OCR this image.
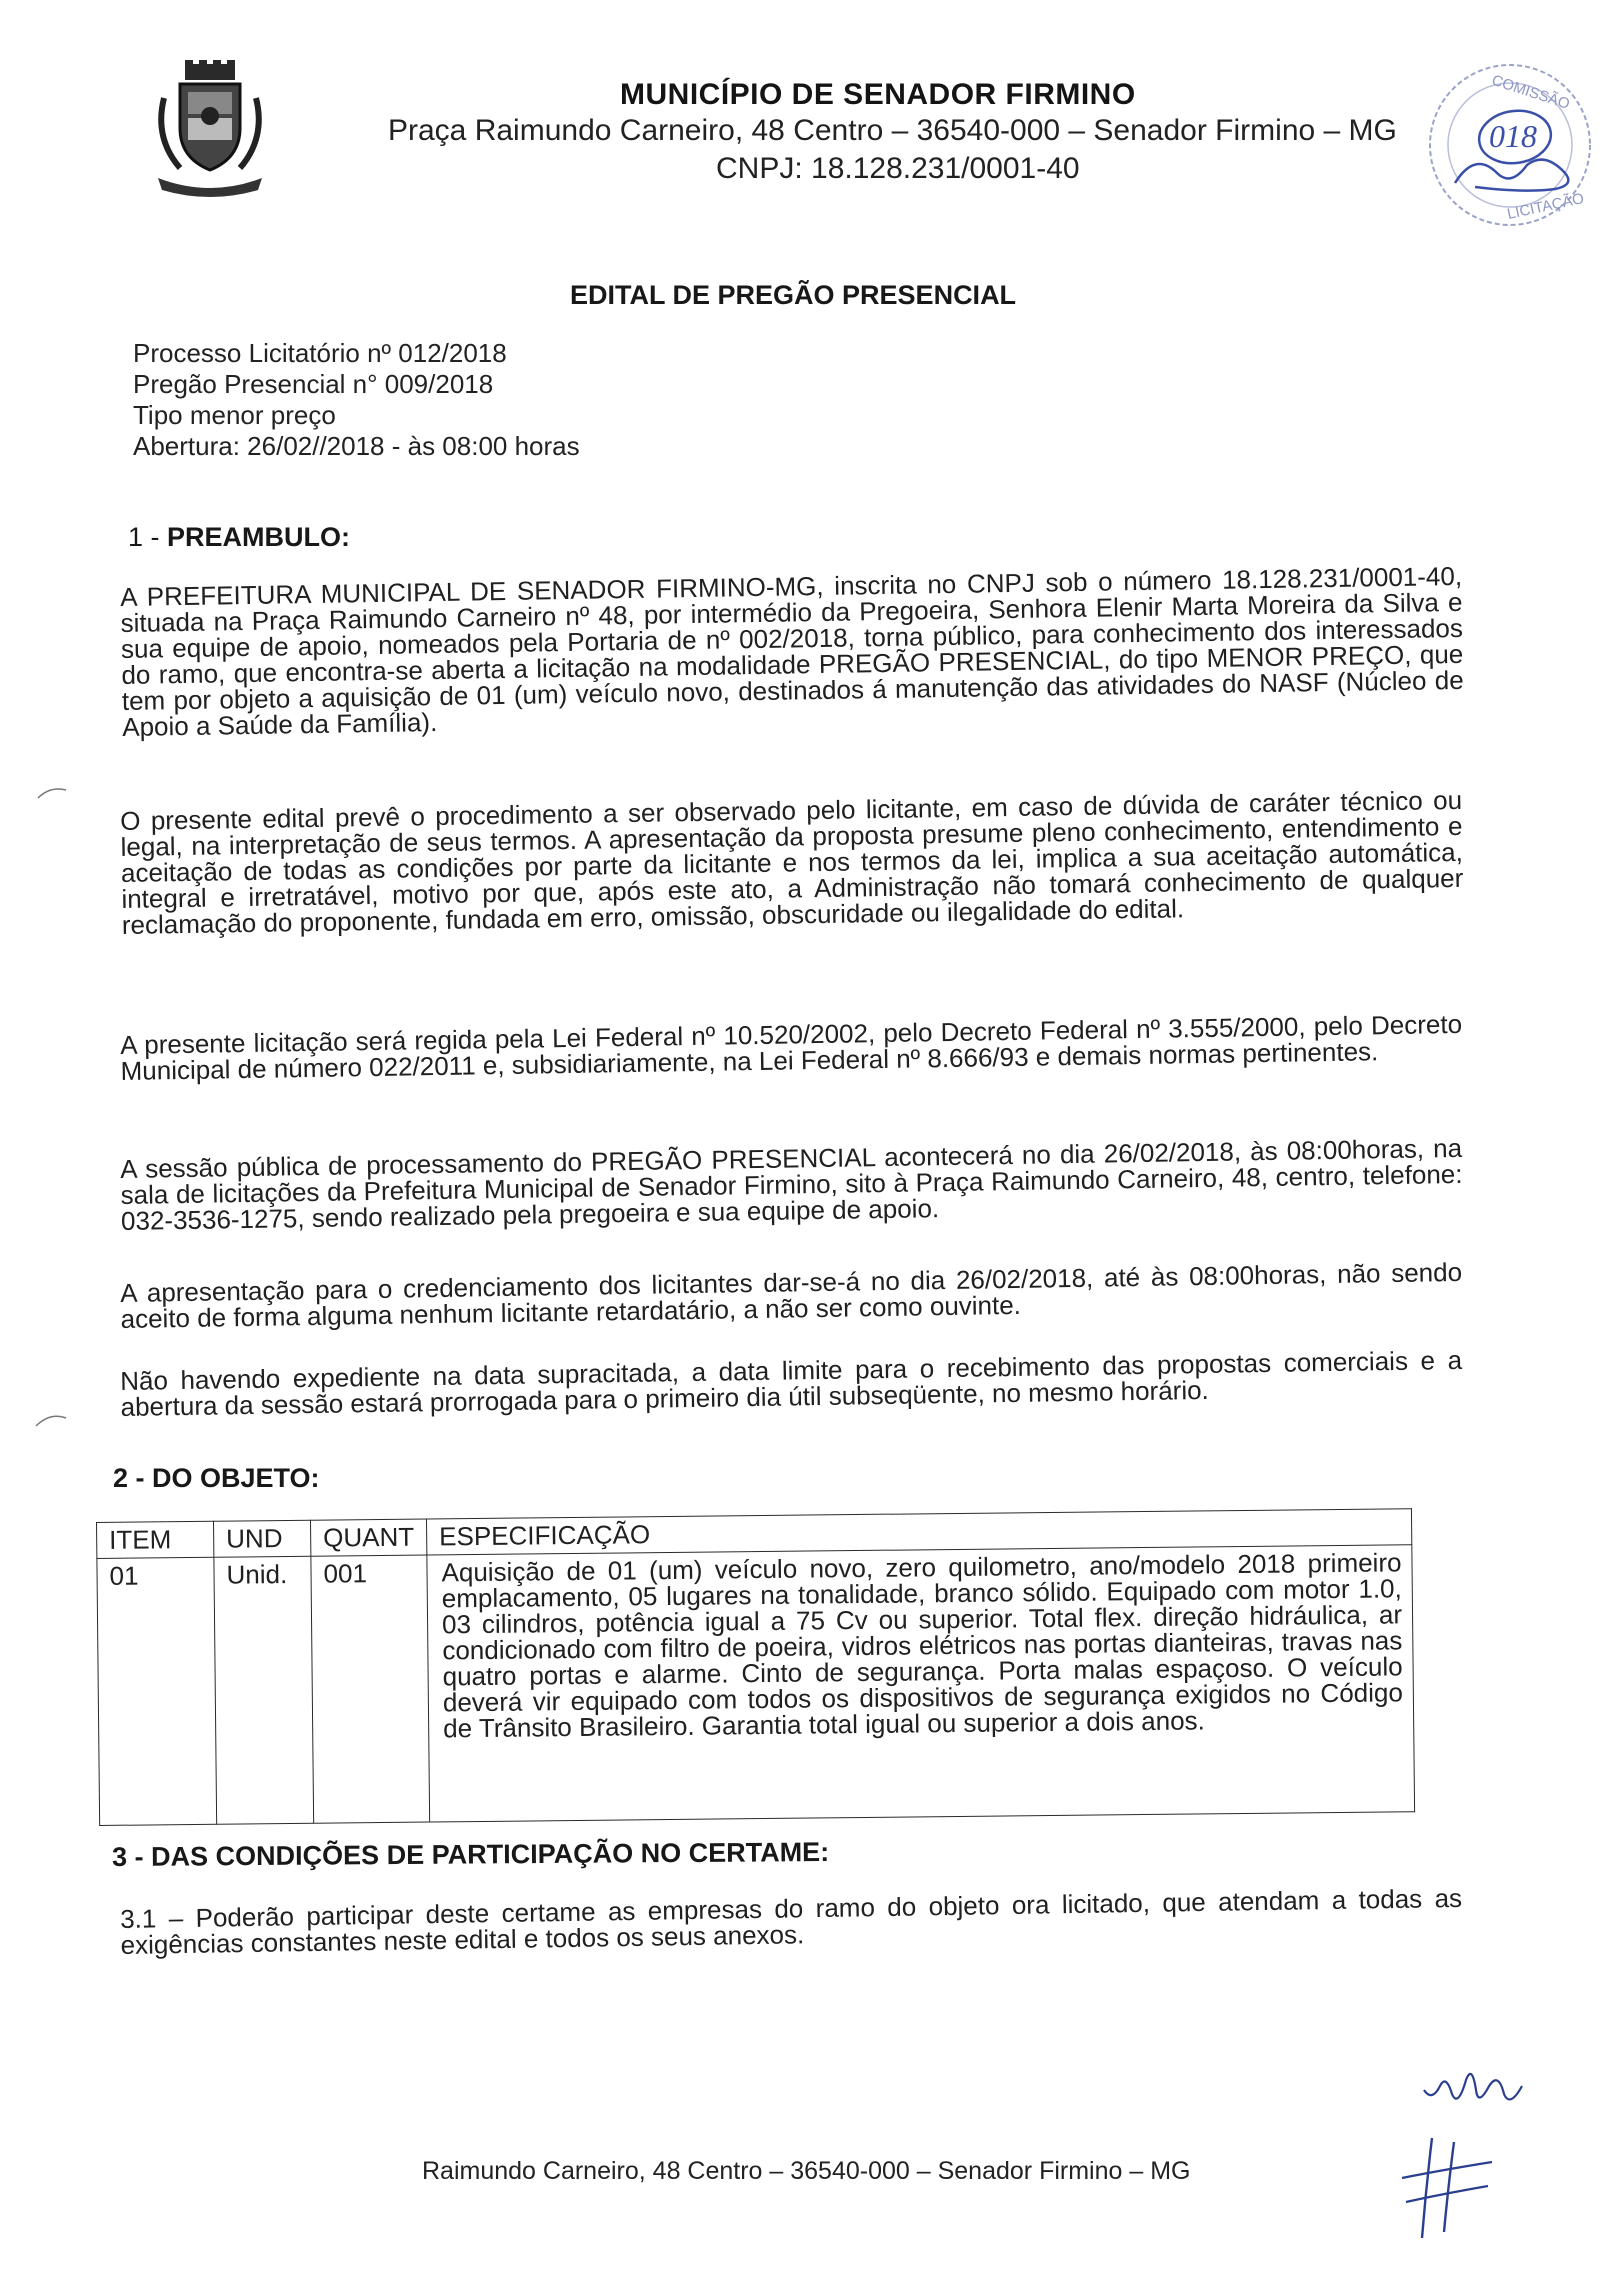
MUNICÍPIO DE SENADOR FIRMINO
Praça Raimundo Carneiro, 48 Centro – 36540-000 – Senador Firmino – MG
CNPJ: 18.128.231/0001-40
COMISSÃO
LICITAÇÃO
018
EDITAL DE PREGÃO PRESENCIAL
Processo Licitatório nº 012/2018
Pregão Presencial n° 009/2018
Tipo menor preço
Abertura: 26/02//2018 - às 08:00 horas
1 - PREAMBULO:
A PREFEITURA MUNICIPAL DE SENADOR FIRMINO-MG, inscrita no CNPJ sob o número 18.128.231/0001-40, situada na Praça Raimundo Carneiro nº 48, por intermédio da Pregoeira, Senhora Elenir Marta Moreira da Silva e sua equipe de apoio, nomeados pela Portaria de nº 002/2018, torna público, para conhecimento dos interessados do ramo, que encontra-se aberta a licitação na modalidade PREGÃO PRESENCIAL, do tipo MENOR PREÇO, que tem por objeto a aquisição de 01 (um) veículo novo, destinados á manutenção das atividades do NASF (Núcleo de Apoio a Saúde da Família).
O presente edital prevê o procedimento a ser observado pelo licitante, em caso de dúvida de caráter técnico ou legal, na interpretação de seus termos. A apresentação da proposta presume pleno conhecimento, entendimento e aceitação de todas as condições por parte da licitante e nos termos da lei, implica a sua aceitação automática, integral e irretratável, motivo por que, após este ato, a Administração não tomará conhecimento de qualquer reclamação do proponente, fundada em erro, omissão, obscuridade ou ilegalidade do edital.
A presente licitação será regida pela Lei Federal nº 10.520/2002, pelo Decreto Federal nº 3.555/2000, pelo Decreto Municipal de número 022/2011 e, subsidiariamente, na Lei Federal nº 8.666/93 e demais normas pertinentes.
A sessão pública de processamento do PREGÃO PRESENCIAL acontecerá no dia 26/02/2018, às 08:00horas, na sala de licitações da Prefeitura Municipal de Senador Firmino, sito à Praça Raimundo Carneiro, 48, centro, telefone: 032-3536-1275, sendo realizado pela pregoeira e sua equipe de apoio.
A apresentação para o credenciamento dos licitantes dar-se-á no dia 26/02/2018, até às 08:00horas, não sendo aceito de forma alguma nenhum licitante retardatário, a não ser como ouvinte.
Não havendo expediente na data supracitada, a data limite para o recebimento das propostas comerciais e a abertura da sessão estará prorrogada para o primeiro dia útil subseqüente, no mesmo horário.
2 - DO OBJETO:
ITEM	UND	QUANT	ESPECIFICAÇÃO
01	Unid.	001	Aquisição de 01 (um) veículo novo, zero quilometro, ano/modelo 2018 primeiro emplacamento, 05 lugares na tonalidade, branco sólido. Equipado com motor 1.0, 03 cilindros, potência igual a 75 Cv ou superior. Total flex. direção hidráulica, ar condicionado com filtro de poeira, vidros elétricos nas portas dianteiras, travas nas quatro portas e alarme. Cinto de segurança. Porta malas espaçoso. O veículo deverá vir equipado com todos os dispositivos de segurança exigidos no Código de Trânsito Brasileiro. Garantia total igual ou superior a dois anos.
3 - DAS CONDIÇÕES DE PARTICIPAÇÃO NO CERTAME:
3.1 – Poderão participar deste certame as empresas do ramo do objeto ora licitado, que atendam a todas as exigências constantes neste edital e todos os seus anexos.
Raimundo Carneiro, 48 Centro – 36540-000 – Senador Firmino – MG
